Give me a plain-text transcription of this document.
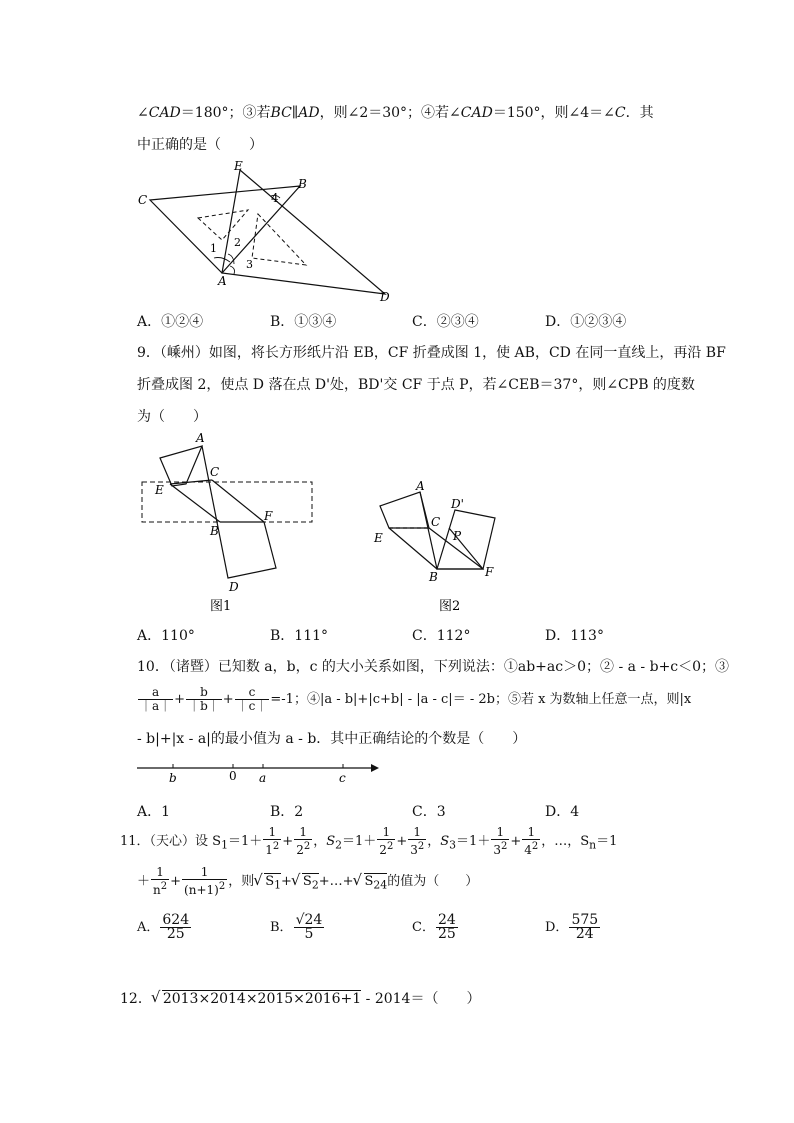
∠CAD＝180°；③若BC∥AD，则∠2＝30°；④若∠CAD＝150°，则∠4＝∠C．其
中正确的是（　　）
E
B
C	4
1 2
3
A
D
A．①②④	B．①③④	C．②③④	D．①②③④
9．（嵊州）如图，将长方形纸片沿 EB，CF 折叠成图 1，使 AB，CD 在同一直线上，再沿 BF
折叠成图 2，使点 D 落在点 D'处，BD'交 CF 于点 P，若∠CEB＝37°，则∠CPB 的度数
为（　　）
A
C
E
B
F
D
图1
A
D'
C
P
E
B	F
图2
A．110°	B．111°	C．112°	D．113°
10．（诸暨）已知数 a，b，c 的大小关系如图，下列说法：①ab+ac＞0；② - a - b+c＜0；③
$\frac{a}{|a|} + \frac{b}{|b|} + \frac{c}{|c|} =-1$；④|a - b|+|c+b| - |a - c|＝ - 2b；⑤若 x 为数轴上任意一点，则|x
- b|+|x - a|的最小值为 a - b．其中正确结论的个数是（　　）
b	0 a	c
A．1	B．2	C．3	D．4
11．（天心）设 $S_1=1+ \frac{1}{1^2} + \frac{1}{2^2}$ ，$S_2=1+ \frac{1}{2^2} + \frac{1}{3^2}$ ，$S_3=1+ \frac{1}{3^2} + \frac{1}{4^2}$ ，…，$S_n=1$
＋ $\frac{1}{n^2} + \frac{1}{(n+1)^2}$ ，则√ $S_1+√$ $S_2+\dots+√$ $S_{24}$的值为（　　）
A． $\frac{624}{25}$	B． $\frac{√24}{5}$	C． $\frac{24}{25}$	D． $\frac{575}{24}$
12．√ 2013×2014×2015×2016+1 - 2014＝（　　）
